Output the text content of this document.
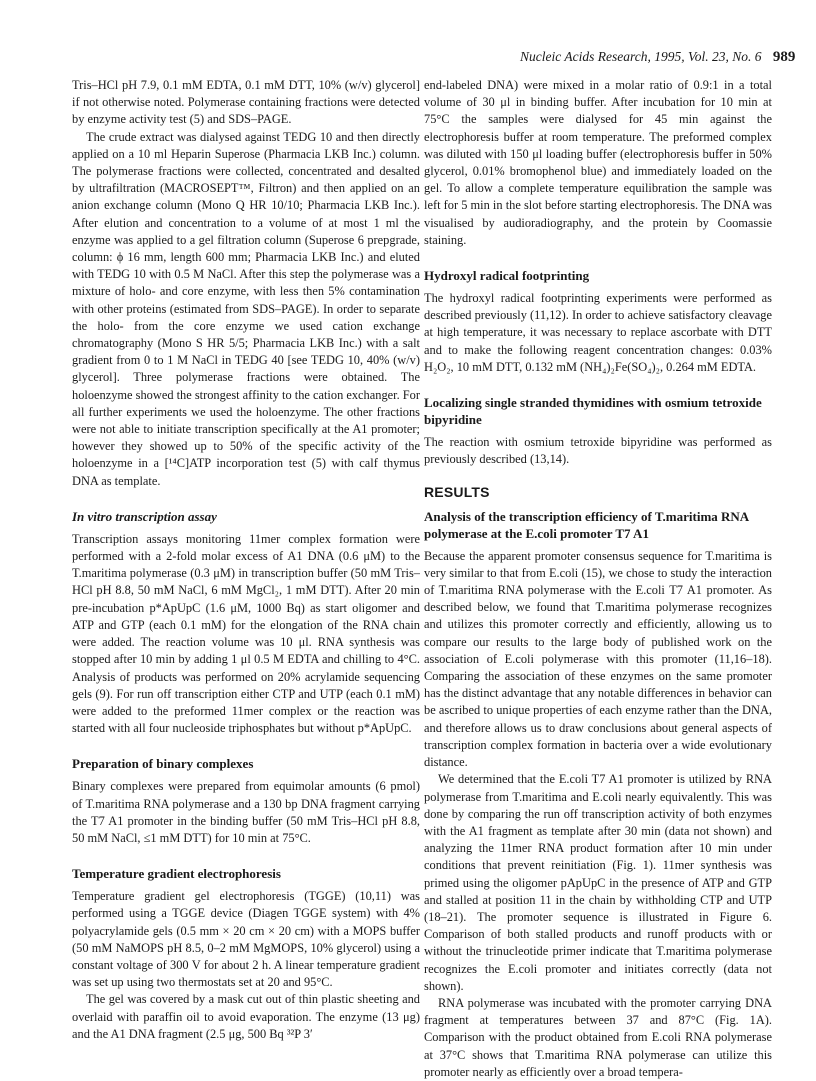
Nucleic Acids Research, 1995, Vol. 23, No. 6 989

Tris–HCl pH 7.9, 0.1 mM EDTA, 0.1 mM DTT, 10% (w/v) glycerol] if not otherwise noted. Polymerase containing fractions were detected by enzyme activity test (5) and SDS–PAGE.

The crude extract was dialysed against TEDG 10 and then directly applied on a 10 ml Heparin Superose (Pharmacia LKB Inc.) column. The polymerase fractions were collected, concentrated and desalted by ultrafiltration (MACROSEPT™, Filtron) and then applied on an anion exchange column (Mono Q HR 10/10; Pharmacia LKB Inc.). After elution and concentration to a volume of at most 1 ml the enzyme was applied to a gel filtration column (Superose 6 prepgrade, column: ϕ 16 mm, length 600 mm; Pharmacia LKB Inc.) and eluted with TEDG 10 with 0.5 M NaCl. After this step the polymerase was a mixture of holo- and core enzyme, with less then 5% contamination with other proteins (estimated from SDS–PAGE). In order to separate the holo- from the core enzyme we used cation exchange chromatography (Mono S HR 5/5; Pharmacia LKB Inc.) with a salt gradient from 0 to 1 M NaCl in TEDG 40 [see TEDG 10, 40% (w/v) glycerol]. Three polymerase fractions were obtained. The holoenzyme showed the strongest affinity to the cation exchanger. For all further experiments we used the holoenzyme. The other fractions were not able to initiate transcription specifically at the A1 promoter; however they showed up to 50% of the specific activity of the holoenzyme in a [¹⁴C]ATP incorporation test (5) with calf thymus DNA as template.

In vitro transcription assay

Transcription assays monitoring 11mer complex formation were performed with a 2-fold molar excess of A1 DNA (0.6 μM) to the T.maritima polymerase (0.3 μM) in transcription buffer (50 mM Tris–HCl pH 8.8, 50 mM NaCl, 6 mM MgCl₂, 1 mM DTT). After 20 min pre-incubation p*ApUpC (1.6 μM, 1000 Bq) as start oligomer and ATP and GTP (each 0.1 mM) for the elongation of the RNA chain were added. The reaction volume was 10 μl. RNA synthesis was stopped after 10 min by adding 1 μl 0.5 M EDTA and chilling to 4°C. Analysis of products was performed on 20% acrylamide sequencing gels (9). For run off transcription either CTP and UTP (each 0.1 mM) were added to the preformed 11mer complex or the reaction was started with all four nucleoside triphosphates but without p*ApUpC.

Preparation of binary complexes

Binary complexes were prepared from equimolar amounts (6 pmol) of T.maritima RNA polymerase and a 130 bp DNA fragment carrying the T7 A1 promoter in the binding buffer (50 mM Tris–HCl pH 8.8, 50 mM NaCl, ≤1 mM DTT) for 10 min at 75°C.

Temperature gradient electrophoresis

Temperature gradient gel electrophoresis (TGGE) (10,11) was performed using a TGGE device (Diagen TGGE system) with 4% polyacrylamide gels (0.5 mm × 20 cm × 20 cm) with a MOPS buffer (50 mM NaMOPS pH 8.5, 0–2 mM MgMOPS, 10% glycerol) using a constant voltage of 300 V for about 2 h. A linear temperature gradient was set up using two thermostats set at 20 and 95°C.

The gel was covered by a mask cut out of thin plastic sheeting and overlaid with paraffin oil to avoid evaporation. The enzyme (13 μg) and the A1 DNA fragment (2.5 μg, 500 Bq ³²P 3′

end-labeled DNA) were mixed in a molar ratio of 0.9:1 in a total volume of 30 μl in binding buffer. After incubation for 10 min at 75°C the samples were dialysed for 45 min against the electrophoresis buffer at room temperature. The preformed complex was diluted with 150 μl loading buffer (electrophoresis buffer in 50% glycerol, 0.01% bromophenol blue) and immediately loaded on the gel. To allow a complete temperature equilibration the sample was left for 5 min in the slot before starting electrophoresis. The DNA was visualised by audioradiography, and the protein by Coomassie staining.

Hydroxyl radical footprinting

The hydroxyl radical footprinting experiments were performed as described previously (11,12). In order to achieve satisfactory cleavage at high temperature, it was necessary to replace ascorbate with DTT and to make the following reagent concentration changes: 0.03% H₂O₂, 10 mM DTT, 0.132 mM (NH₄)₂Fe(SO₄)₂, 0.264 mM EDTA.

Localizing single stranded thymidines with osmium tetroxide bipyridine

The reaction with osmium tetroxide bipyridine was performed as previously described (13,14).

RESULTS
Analysis of the transcription efficiency of T.maritima RNA polymerase at the E.coli promoter T7 A1

Because the apparent promoter consensus sequence for T.maritima is very similar to that from E.coli (15), we chose to study the interaction of T.maritima RNA polymerase with the E.coli T7 A1 promoter. As described below, we found that T.maritima polymerase recognizes and utilizes this promoter correctly and efficiently, allowing us to compare our results to the large body of published work on the association of E.coli polymerase with this promoter (11,16–18). Comparing the association of these enzymes on the same promoter has the distinct advantage that any notable differences in behavior can be ascribed to unique properties of each enzyme rather than the DNA, and therefore allows us to draw conclusions about general aspects of transcription complex formation in bacteria over a wide evolutionary distance.

We determined that the E.coli T7 A1 promoter is utilized by RNA polymerase from T.maritima and E.coli nearly equivalently. This was done by comparing the run off transcription activity of both enzymes with the A1 fragment as template after 30 min (data not shown) and analyzing the 11mer RNA product formation after 10 min under conditions that prevent reinitiation (Fig. 1). 11mer synthesis was primed using the oligomer pApUpC in the presence of ATP and GTP and stalled at position 11 in the chain by withholding CTP and UTP (18–21). The promoter sequence is illustrated in Figure 6. Comparison of both stalled products and runoff products with or without the trinucleotide primer indicate that T.maritima polymerase recognizes the E.coli promoter and initiates correctly (data not shown).

RNA polymerase was incubated with the promoter carrying DNA fragment at temperatures between 37 and 87°C (Fig. 1A). Comparison with the product obtained from E.coli RNA polymerase at 37°C shows that T.maritima RNA polymerase can utilize this promoter nearly as efficiently over a broad tempera-
